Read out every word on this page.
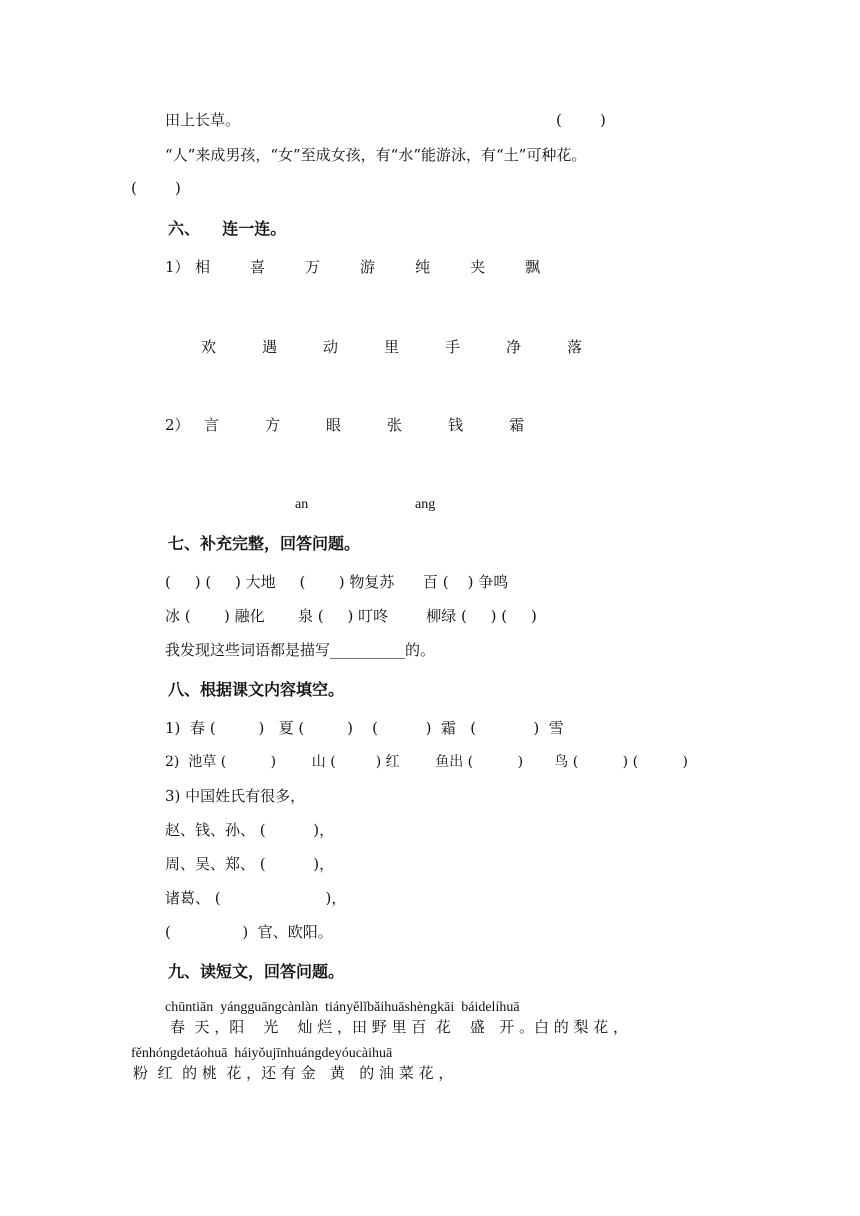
田上长草。	(        )
“人”来成男孩，“女”至成女孩，有“水”能游泳，有“土”可种花。
(        )
六、    连一连。
1） 相	喜	万	游	纯	夹	飘
欢	遇	动	里	手	净	落
2） 言	方	眼	张	钱	霜
an	ang
七、补充完整，回答问题。
(     ) (     ) 大地     (       ) 物复苏      百 (    ) 争鸣
冰 (       ) 融化       泉 (     ) 叮咚        柳绿 (     ) (     )
我发现这些词语都是描写__________的。
八、根据课文内容填空。
1)  春 (         )   夏 (         )    (          )  霜   (            )  雪
2)  池草 (          )        山 (         ) 红        鱼出 (          )       鸟 (          ) (          )
3) 中国姓氏有很多，
赵、钱、孙、 (          )，
周、吴、郑、 (          )，
诸葛、 (                      )，
(               )  官、欧阳。
九、读短文，回答问题。
chūntiān  yángguāngcànlàn  tiányělǐbǎihuāshèngkāi  báidelíhuā
春  天 ，阳    光    灿 烂 ，田 野 里 百  花    盛   开 。白 的 梨 花 ，
fěnhóngdetáohuā  háiyǒujīnhuángdeyóucàihuā
粉  红  的 桃  花 ，还 有 金   黄   的 油 菜 花 ，
